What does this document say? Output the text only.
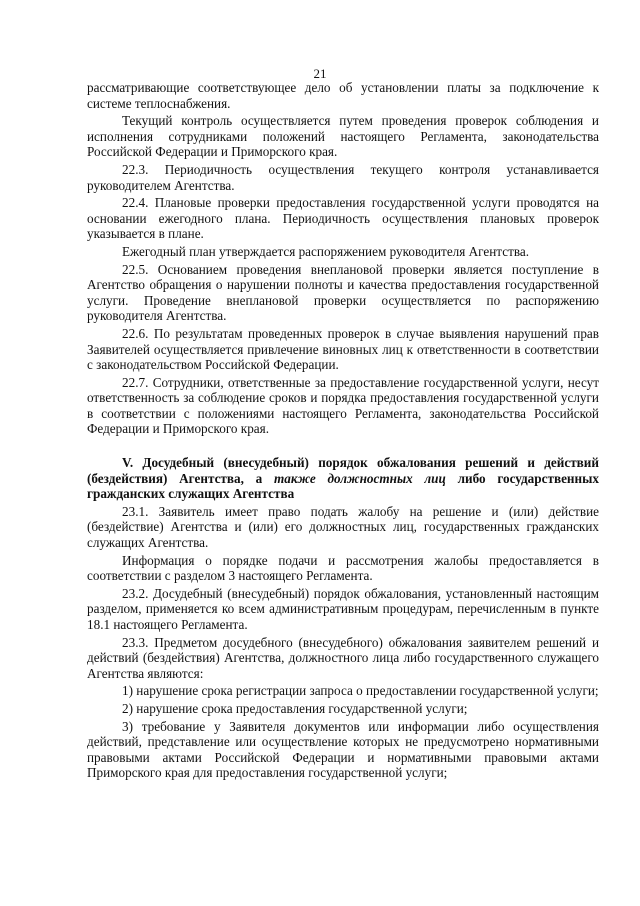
21

рассматривающие соответствующее дело об установлении платы за подключение к системе теплоснабжения.

Текущий контроль осуществляется путем проведения проверок соблюдения и исполнения сотрудниками положений настоящего Регламента, законодательства Российской Федерации и Приморского края.

22.3. Периодичность осуществления текущего контроля устанавливается руководителем Агентства.

22.4. Плановые проверки предоставления государственной услуги проводятся на основании ежегодного плана. Периодичность осуществления плановых проверок указывается в плане.

Ежегодный план утверждается распоряжением руководителя Агентства.

22.5. Основанием проведения внеплановой проверки является поступление в Агентство обращения о нарушении полноты и качества предоставления государственной услуги. Проведение внеплановой проверки осуществляется по распоряжению руководителя Агентства.

22.6. По результатам проведенных проверок в случае выявления нарушений прав Заявителей осуществляется привлечение виновных лиц к ответственности в соответствии с законодательством Российской Федерации.

22.7. Сотрудники, ответственные за предоставление государственной услуги, несут ответственность за соблюдение сроков и порядка предоставления государственной услуги в соответствии с положениями настоящего Регламента, законодательства Российской Федерации и Приморского края.

V. Досудебный (внесудебный) порядок обжалования решений и действий (бездействия) Агентства, а также должностных лиц либо государственных гражданских служащих Агентства

23.1. Заявитель имеет право подать жалобу на решение и (или) действие (бездействие) Агентства и (или) его должностных лиц, государственных гражданских служащих Агентства.

Информация о порядке подачи и рассмотрения жалобы предоставляется в соответствии с разделом 3 настоящего Регламента.

23.2. Досудебный (внесудебный) порядок обжалования, установленный настоящим разделом, применяется ко всем административным процедурам, перечисленным в пункте 18.1 настоящего Регламента.

23.3. Предметом досудебного (внесудебного) обжалования заявителем решений и действий (бездействия) Агентства, должностного лица либо государственного служащего Агентства являются:

1) нарушение срока регистрации запроса о предоставлении государственной услуги;

2) нарушение срока предоставления государственной услуги;

3) требование у Заявителя документов или информации либо осуществления действий, представление или осуществление которых не предусмотрено нормативными правовыми актами Российской Федерации и нормативными правовыми актами Приморского края для предоставления государственной услуги;
